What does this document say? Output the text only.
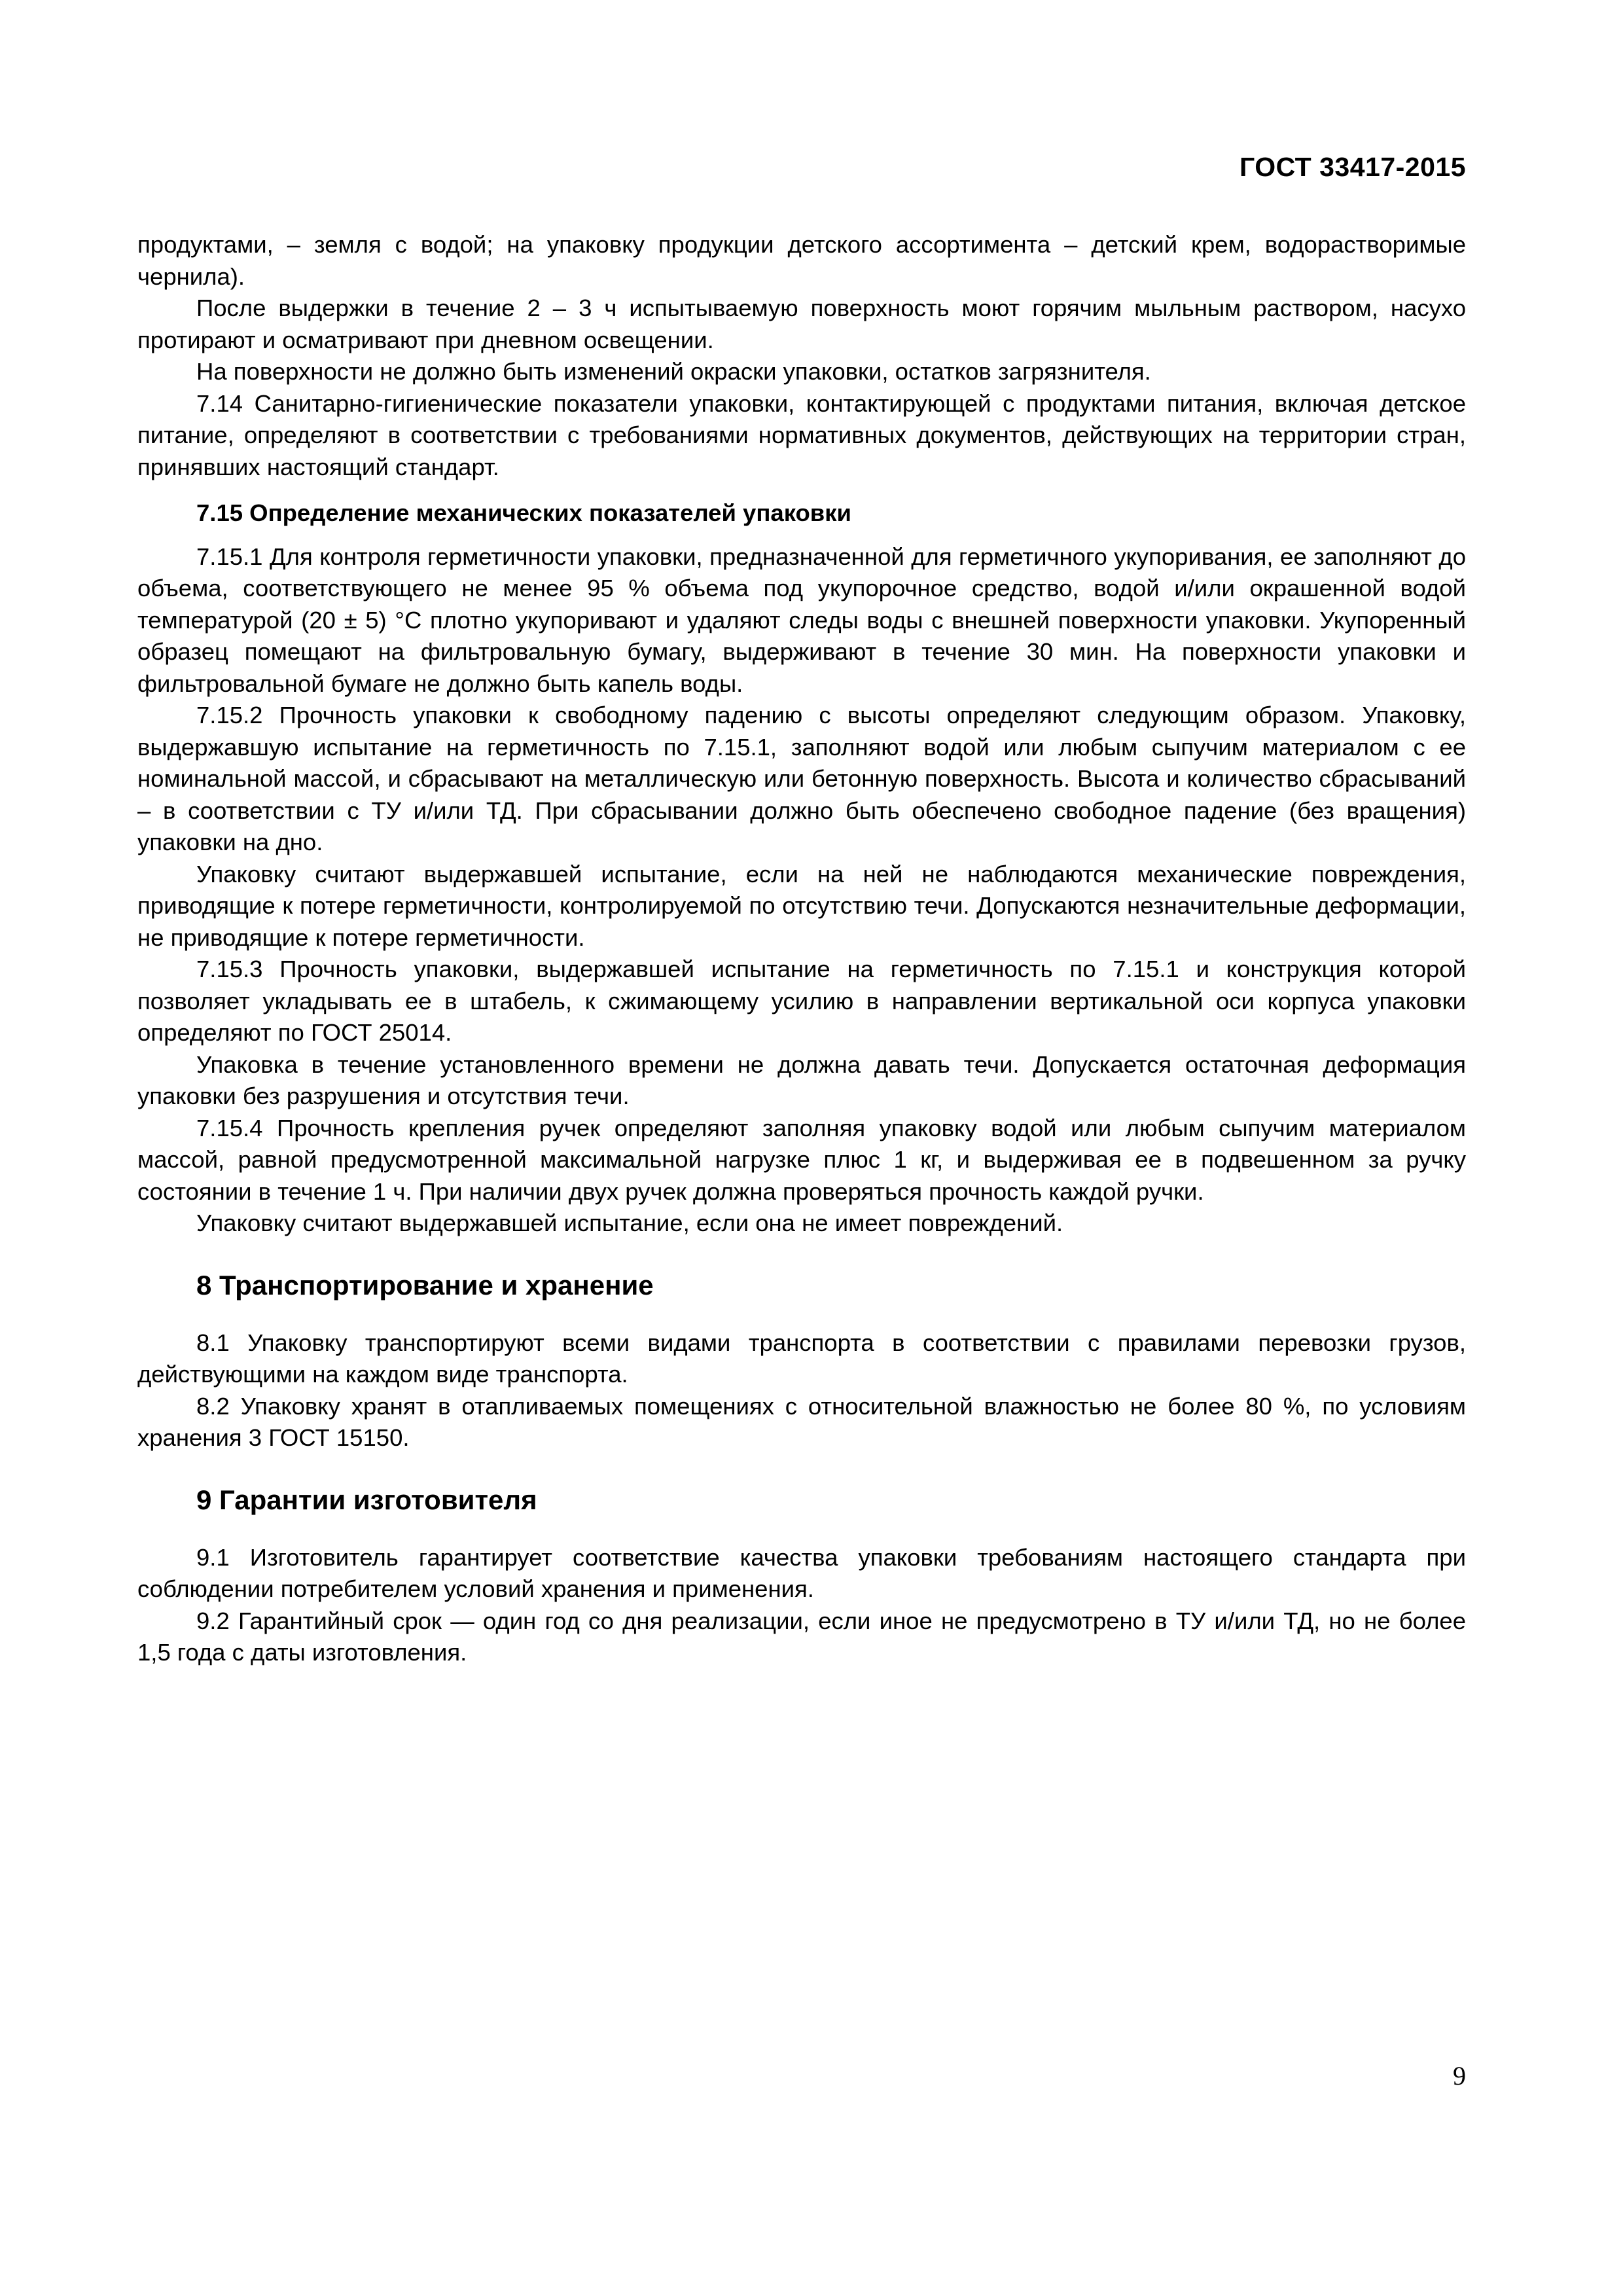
ГОСТ 33417-2015

продуктами, – земля с водой; на упаковку продукции детского ассортимента – детский крем, водорастворимые чернила).

После выдержки в течение 2 – 3 ч испытываемую поверхность моют горячим мыльным раствором, насухо протирают и осматривают при дневном освещении.

На поверхности не должно быть изменений окраски упаковки, остатков загрязнителя.

7.14 Санитарно-гигиенические показатели упаковки, контактирующей с продуктами питания, включая детское питание, определяют в соответствии с требованиями нормативных документов, действующих на территории стран, принявших настоящий стандарт.

7.15 Определение механических показателей упаковки

7.15.1 Для контроля герметичности упаковки, предназначенной для герметичного укупоривания, ее заполняют до объема, соответствующего не менее 95 % объема под укупорочное средство, водой и/или окрашенной водой температурой (20 ± 5) °С плотно укупоривают и удаляют следы воды с внешней поверхности упаковки. Укупоренный образец помещают на фильтровальную бумагу, выдерживают в течение 30 мин. На поверхности упаковки и фильтровальной бумаге не должно быть капель воды.

7.15.2 Прочность упаковки к свободному падению с высоты определяют следующим образом. Упаковку, выдержавшую испытание на герметичность по 7.15.1, заполняют водой или любым сыпучим материалом с ее номинальной массой, и сбрасывают на металлическую или бетонную поверхность. Высота и количество сбрасываний – в соответствии с ТУ и/или ТД. При сбрасывании должно быть обеспечено свободное падение (без вращения) упаковки на дно.

Упаковку считают выдержавшей испытание, если на ней не наблюдаются механические повреждения, приводящие к потере герметичности, контролируемой по отсутствию течи. Допускаются незначительные деформации, не приводящие к потере герметичности.

7.15.3 Прочность упаковки, выдержавшей испытание на герметичность по 7.15.1 и конструкция которой позволяет укладывать ее в штабель, к сжимающему усилию в направлении вертикальной оси корпуса упаковки определяют по ГОСТ 25014.

Упаковка в течение установленного времени не должна давать течи. Допускается остаточная деформация упаковки без разрушения и отсутствия течи.

7.15.4 Прочность крепления ручек определяют заполняя упаковку водой или любым сыпучим материалом массой, равной предусмотренной максимальной нагрузке плюс 1 кг, и выдерживая ее в подвешенном за ручку состоянии в течение 1 ч. При наличии двух ручек должна проверяться прочность каждой ручки.

Упаковку считают выдержавшей испытание, если она не имеет повреждений.

8 Транспортирование и хранение

8.1 Упаковку транспортируют всеми видами транспорта в соответствии с правилами перевозки грузов, действующими на каждом виде транспорта.

8.2 Упаковку хранят в отапливаемых помещениях с относительной влажностью не более 80 %, по условиям хранения 3 ГОСТ 15150.

9 Гарантии изготовителя

9.1 Изготовитель гарантирует соответствие качества упаковки требованиям настоящего стандарта при соблюдении потребителем условий хранения и применения.

9.2 Гарантийный срок — один год со дня реализации, если иное не предусмотрено в ТУ и/или ТД, но не более 1,5 года с даты изготовления.

9
